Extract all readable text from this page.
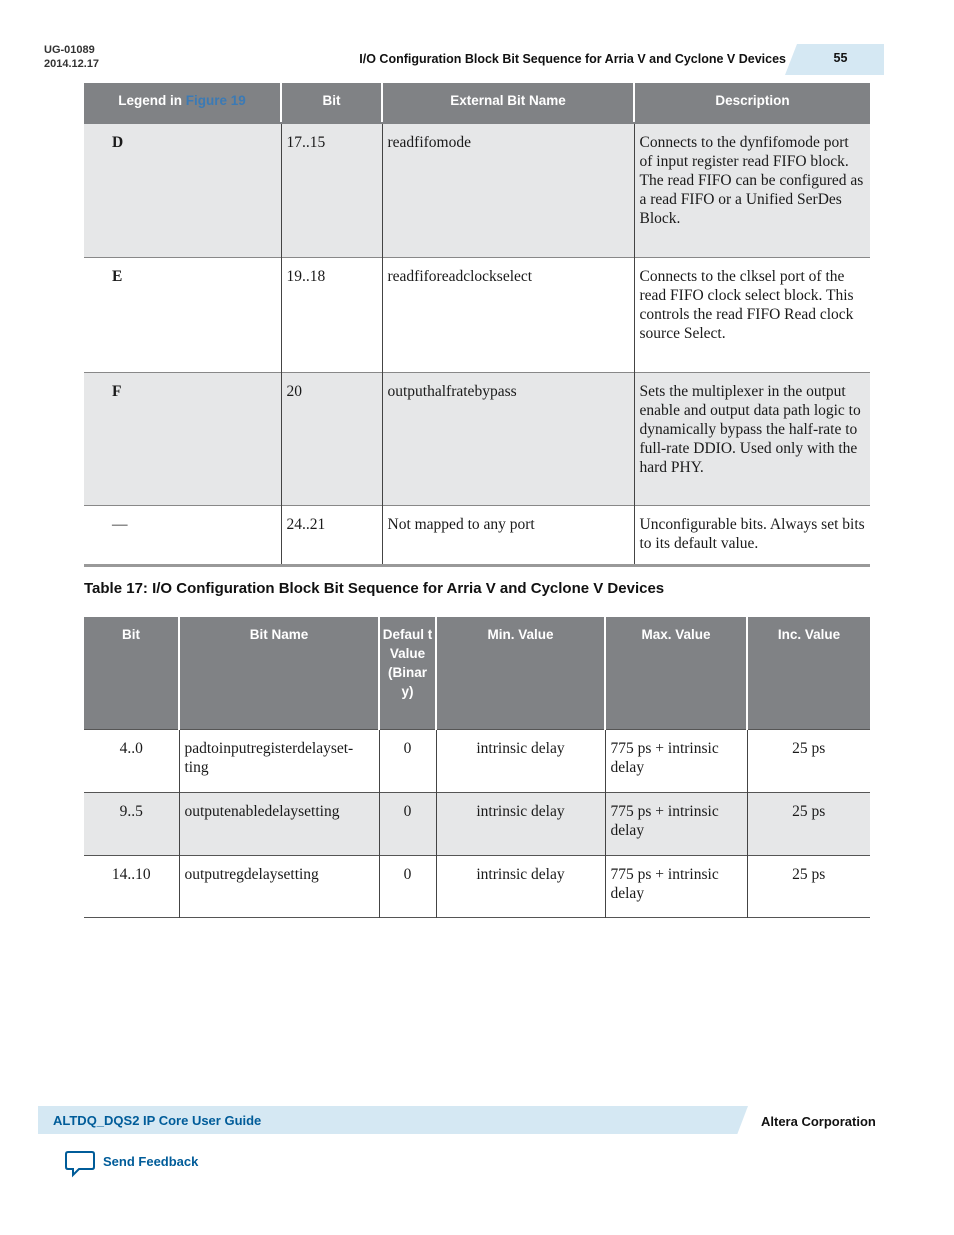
UG-01089
2014.12.17	I/O Configuration Block Bit Sequence for Arria V and Cyclone V Devices	55
Legend in Figure 19	Bit	External Bit Name	Description
D	17..15	readfifomode	Connects to the dynfifomode port of input register read FIFO block. The read FIFO can be configured as a read FIFO or a Unified SerDes Block.
E	19..18	readfiforeadclockselect	Connects to the clksel port of the read FIFO clock select block. This controls the read FIFO Read clock source Select.
F	20	outputhalfratebypass	Sets the multiplexer in the output enable and output data path logic to dynamically bypass the half-rate to full-rate DDIO. Used only with the hard PHY.
—	24..21	Not mapped to any port	Unconfigurable bits. Always set bits to its default value.
Table 17: I/O Configuration Block Bit Sequence for Arria V and Cyclone V Devices
Bit	Bit Name	Defaul t Value (Binar y)	Min. Value	Max. Value	Inc. Value
4..0	padtoinputregisterdelayset-ting	0	intrinsic delay	775 ps + intrinsic delay	25 ps
9..5	outputenabledelaysetting	0	intrinsic delay	775 ps + intrinsic delay	25 ps
14..10	outputregdelaysetting	0	intrinsic delay	775 ps + intrinsic delay	25 ps
ALTDQ_DQS2 IP Core User Guide	Altera Corporation
Send Feedback
